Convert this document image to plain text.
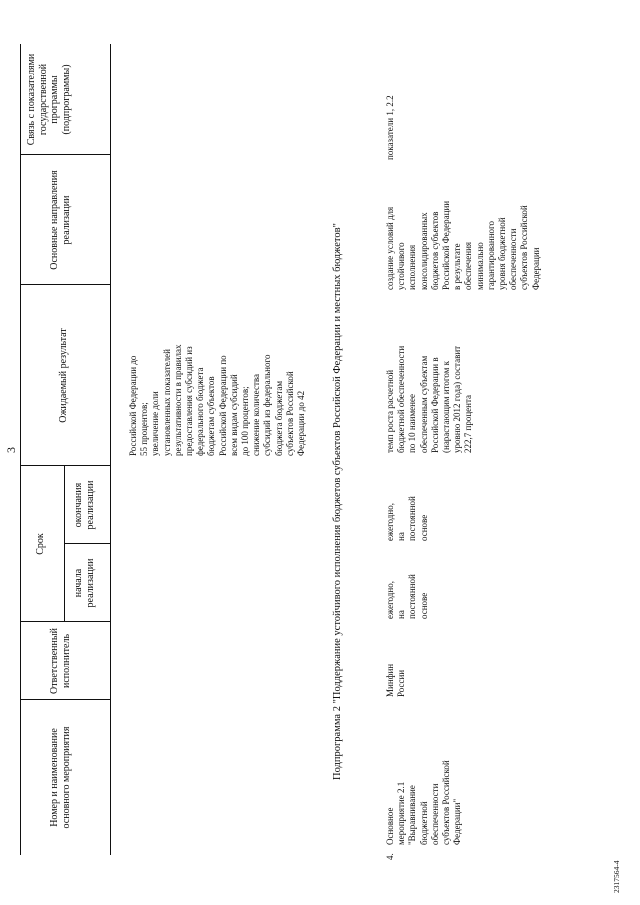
3
Номер и наименование
основного мероприятия
Ответственный
исполнитель
Срок
начала
реализации
окончания
реализации
Ожидаемый результат
Основные направления
реализации
Связь с показателями
государственной
программы
(подпрограммы)
Российской Федерации до
55 процентов;
увеличение доли
установленных показателей
результативности в правилах
предоставления субсидий из
федерального бюджета
бюджетам субъектов
Российской Федерации по
всем видам субсидий
до 100 процентов;
снижение количества
субсидий из федерального
бюджета бюджетам
субъектов Российской
Федерации до 42 Подпрограмма 2 "Поддержание устойчивого исполнения бюджетов субъектов Российской Федерации и местных бюджетов"
4.
Основное
мероприятие 2.1
"Выравнивание
бюджетной
обеспеченности
субъектов Российской
Федерации"
Минфин
России
ежегодно,
на
постоянной
основе
ежегодно,
на
постоянной
основе
темп роста расчетной
бюджетной обеспеченности
по 10 наименее
обеспеченным субъектам
Российской Федерации в
(нарастающим итогом к
уровню 2012 года) составит
222,7 процента
создание условий для
устойчивого
исполнения
консолидированных
бюджетов субъектов
Российской Федерации
в результате
обеспечения
минимально
гарантированного
уровня бюджетной
обеспеченности
субъектов Российской
Федерации
показатели 1, 2.2
2317564-4
